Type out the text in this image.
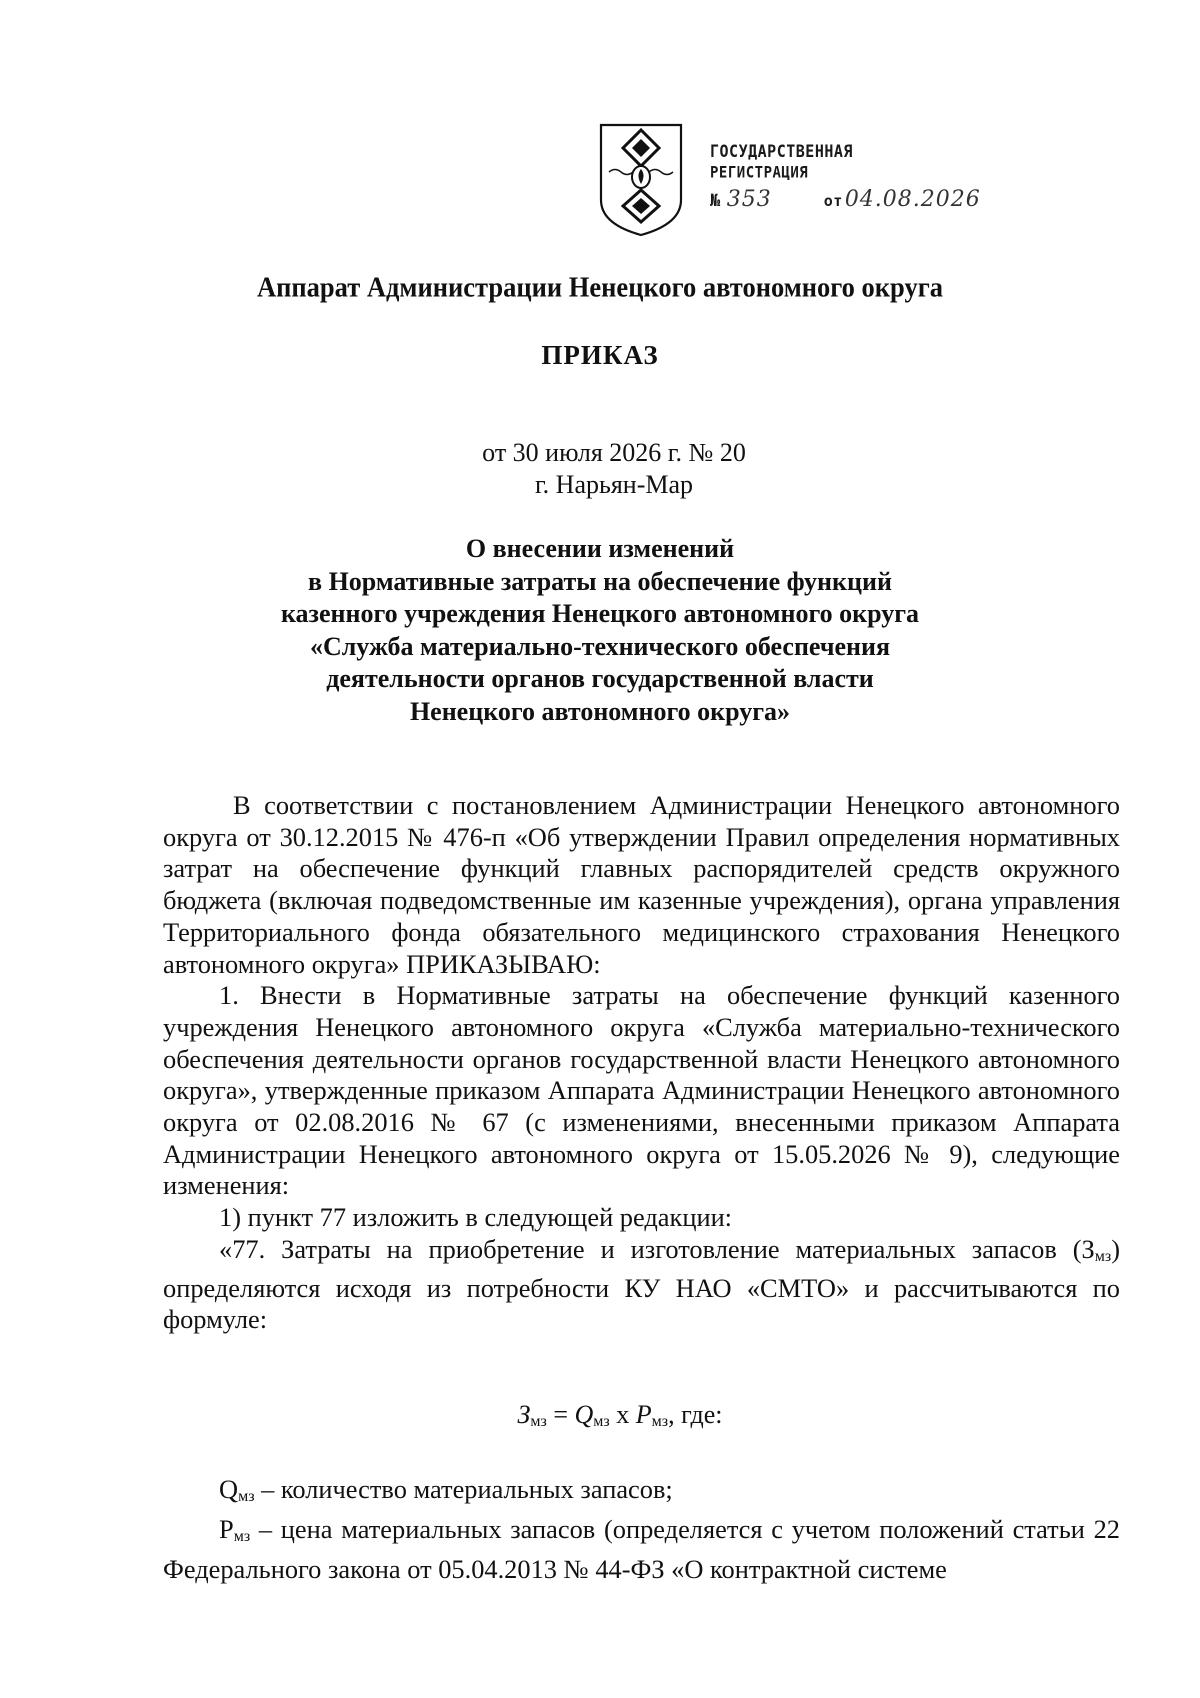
ГОСУДАРСТВЕННАЯ
РЕГИСТРАЦИЯ
№ 353	от 04.08.2026
Аппарат Администрации Ненецкого автономного округа
ПРИКАЗ
от 30 июля 2026 г. № 20
г. Нарьян-Мар
О внесении изменений
в Нормативные затраты на обеспечение функций
казенного учреждения Ненецкого автономного округа
«Служба материально-технического обеспечения
деятельности органов государственной власти
Ненецкого автономного округа»

В соответствии с постановлением Администрации Ненецкого автономного округа от 30.12.2015 № 476-п «Об утверждении Правил определения нормативных затрат на обеспечение функций главных распорядителей средств окружного бюджета (включая подведомственные им казенные учреждения), органа управления Территориального фонда обязательного медицинского страхования Ненецкого автономного округа» ПРИКАЗЫВАЮ:

1. Внести в Нормативные затраты на обеспечение функций казенного учреждения Ненецкого автономного округа «Служба материально-технического обеспечения деятельности органов государственной власти Ненецкого автономного округа», утвержденные приказом Аппарата Администрации Ненецкого автономного округа от 02.08.2016 № 67 (с изменениями, внесенными приказом Аппарата Администрации Ненецкого автономного округа от 15.05.2026 № 9), следующие изменения:

1) пункт 77 изложить в следующей редакции:

«77. Затраты на приобретение и изготовление материальных запасов $(З_{мз})$ определяются исходя из потребности КУ НАО «СМТО» и рассчитываются по формуле:

$З_{мз} = Q_{мз}$ x $P_{мз}$, где:

$Q_{мз}$ – количество материальных запасов;

$P_{мз}$ – цена материальных запасов (определяется с учетом положений статьи 22 Федерального закона от 05.04.2013 № 44-ФЗ «О контрактной системе
